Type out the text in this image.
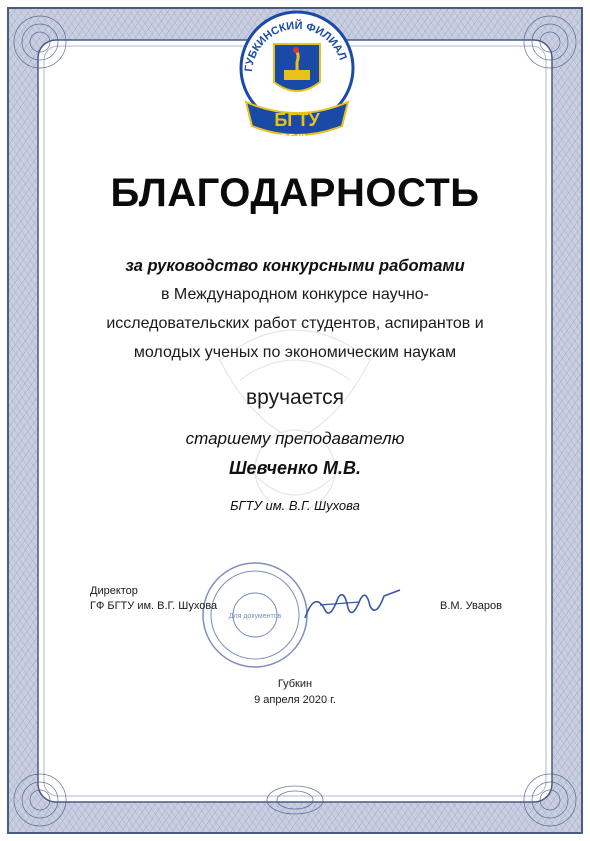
ГУБКИНСКИЙ ФИЛИАЛ
БГТУ
им. В.Г. Шухова
БЛАГОДАРНОСТЬ
за руководство конкурсными работами
в Международном конкурсе научно-
исследовательских работ студентов, аспирантов и
молодых ученых по экономическим наукам
вручается
старшему преподавателю
Шевченко М.В.
БГТУ им. В.Г. Шухова
Для документов
Директор
ГФ БГТУ им. В.Г. Шухова	В.М. Уваров
Губкин
9 апреля 2020 г.
